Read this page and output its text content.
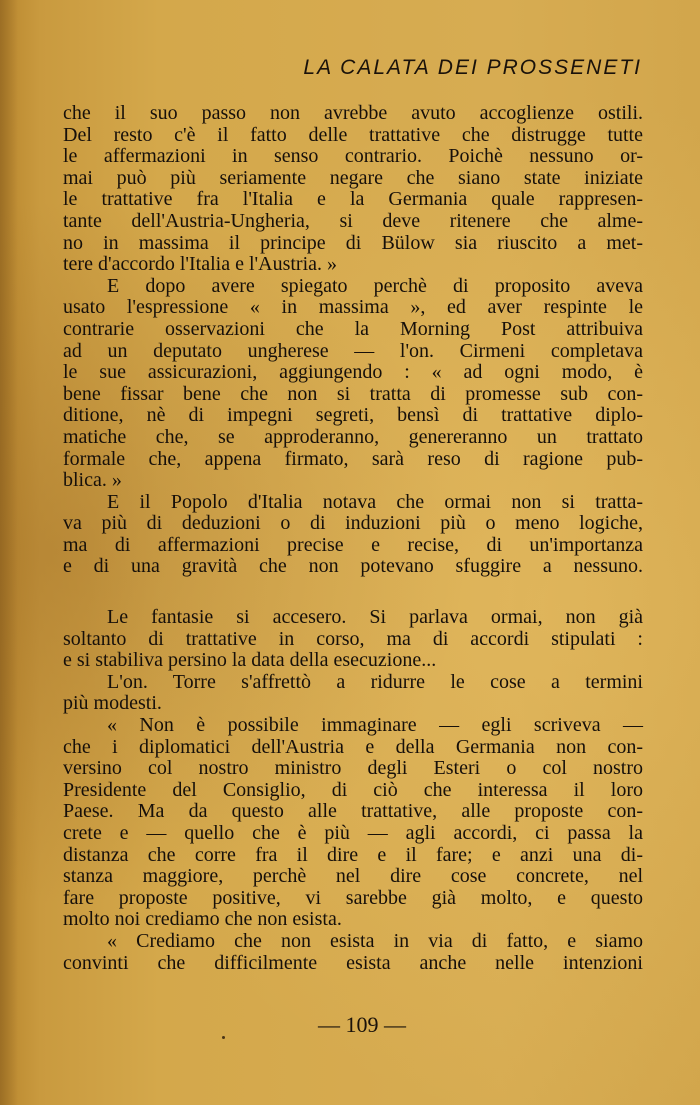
LA CALATA DEI PROSSENETI
che il suo passo non avrebbe avuto accoglienze ostili.
Del resto c'è il fatto delle trattative che distrugge tutte
le affermazioni in senso contrario. Poichè nessuno or-
mai può più seriamente negare che siano state iniziate
le trattative fra l'Italia e la Germania quale rappresen-
tante dell'Austria-Ungheria, si deve ritenere che alme-
no in massima il principe di Bülow sia riuscito a met-
tere d'accordo l'Italia e l'Austria. »
E dopo avere spiegato perchè di proposito aveva
usato l'espressione « in massima », ed aver respinte le
contrarie osservazioni che la Morning Post attribuiva
ad un deputato ungherese — l'on. Cirmeni completava
le sue assicurazioni, aggiungendo : « ad ogni modo, è
bene fissar bene che non si tratta di promesse sub con-
ditione, nè di impegni segreti, bensì di trattative diplo-
matiche che, se approderanno, genereranno un trattato
formale che, appena firmato, sarà reso di ragione pub-
blica. »
E il Popolo d'Italia notava che ormai non si tratta-
va più di deduzioni o di induzioni più o meno logiche,
ma di affermazioni precise e recise, di un'importanza
e di una gravità che non potevano sfuggire a nessuno.
Le fantasie si accesero. Si parlava ormai, non già
soltanto di trattative in corso, ma di accordi stipulati :
e si stabiliva persino la data della esecuzione...
L'on. Torre s'affrettò a ridurre le cose a termini
più modesti.
« Non è possibile immaginare — egli scriveva —
che i diplomatici dell'Austria e della Germania non con-
versino col nostro ministro degli Esteri o col nostro
Presidente del Consiglio, di ciò che interessa il loro
Paese. Ma da questo alle trattative, alle proposte con-
crete e — quello che è più — agli accordi, ci passa la
distanza che corre fra il dire e il fare; e anzi una di-
stanza maggiore, perchè nel dire cose concrete, nel
fare proposte positive, vi sarebbe già molto, e questo
molto noi crediamo che non esista.
« Crediamo che non esista in via di fatto, e siamo
convinti che difficilmente esista anche nelle intenzioni
— 109 —
